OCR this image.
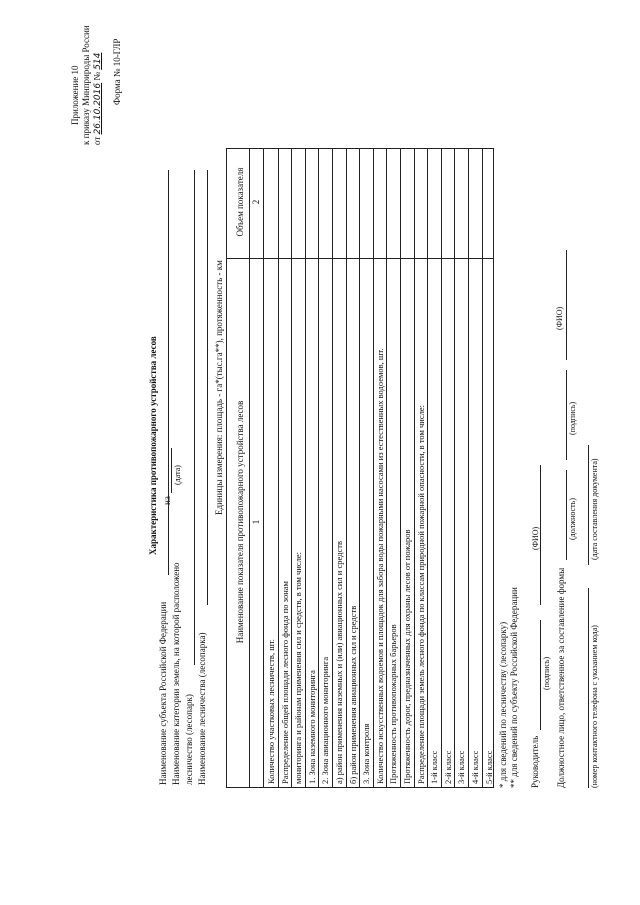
Приложение 10 к приказу Минприроды России от 26.10.2016 № 514 Форма № 10-ГЛР
Характеристика противопожарного устройства лесов на
(дата)
Наименование субъекта Российской Федерации Наименование категории земель, на которой расположено лесничество (лесопарк) Наименование лесничества (лесопарка)
Единицы измерения: площадь - га*(тыс.га**), протяженность - км
Наименование показателя противопожарного устройства лесов
Объем показателя
1
2
Количество участковых лесничеств, шт. Распределение общей площади лесного фонда по зонам мониторинга и районам применения сил и средств, в том числе: 1. Зона наземного мониторинга 2. Зона авиационного мониторинга а) район применения наземных и (или) авиационных сил и средств б) район применения авиационных сил и средств 3. Зона контроля Количество искусственных водоемов и площадок для забора воды пожарными насосами из естественных водоемов, шт. Протяженность противопожарных барьеров Протяженность дорог, предназначенных для охраны лесов от пожаров Распределение площади земель лесного фонда по классам природной пожарной опасности, в том числе: 1-й класс 2-й класс 3-й класс 4-й класс 5-й класс * для сведений по лесничеству (лесопарку) ** для сведений по субъекту Российской Федерации Руководитель
(подпись)
(ФИО)
Должностное лицо, ответственное за составление формы
(должность)
(подпись)
(ФИО)
(номер контактного телефона с указанием кода)
(дата составления документа)
